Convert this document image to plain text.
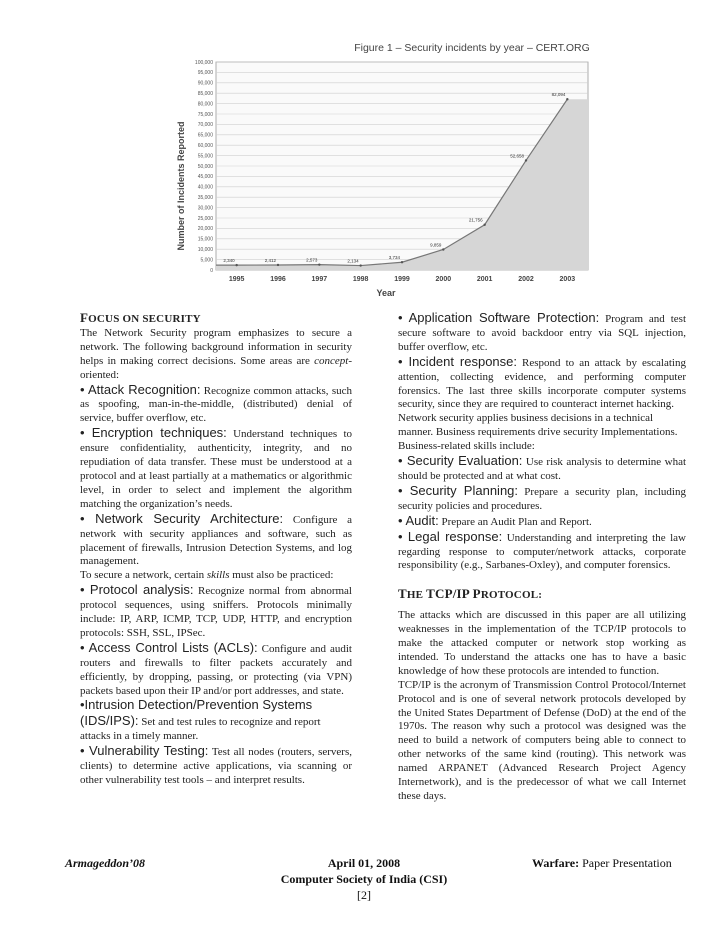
Figure 1 – Security incidents by year – CERT.ORG
Number of Incidents Reported
Year
0
5,000
10,000
15,000
20,000
25,000
30,000
35,000
40,000
45,000
50,000
55,000
60,000
65,000
70,000
75,000
80,000
85,000
90,000
95,000
100,000
1995	1996	1997	1998	1999	2000	2001	2002	2003
2,340	2,412	2,573	2,134
3,734
9,859
21,756
52,658
82,094

FOCUS ON SECURITY

The Network Security program emphasizes to secure a network. The following background information in security helps in making correct decisions. Some areas are concept-oriented:

• Attack Recognition: Recognize common attacks, such as spoofing, man-in-the-middle, (distributed) denial of service, buffer overflow, etc.

• Encryption techniques: Understand techniques to ensure confidentiality, authenticity, integrity, and no repudiation of data transfer. These must be understood at a protocol and at least partially at a mathematics or algorithmic level, in order to select and implement the algorithm matching the organization’s needs.

• Network Security Architecture: Configure a network with security appliances and software, such as placement of firewalls, Intrusion Detection Systems, and log management.

To secure a network, certain skills must also be practiced:

• Protocol analysis: Recognize normal from abnormal protocol sequences, using sniffers. Protocols minimally include: IP, ARP, ICMP, TCP, UDP, HTTP, and encryption protocols: SSH, SSL, IPSec.

• Access Control Lists (ACLs): Configure and audit routers and firewalls to filter packets accurately and efficiently, by dropping, passing, or protecting (via VPN) packets based upon their IP and/or port addresses, and state.

•Intrusion Detection/Prevention Systems (IDS/IPS): Set and test rules to recognize and report attacks in a timely manner.

• Vulnerability Testing: Test all nodes (routers, servers, clients) to determine active applications, via scanning or other vulnerability test tools – and interpret results.

• Application Software Protection: Program and test secure software to avoid backdoor entry via SQL injection, buffer overflow, etc.

• Incident response: Respond to an attack by escalating attention, collecting evidence, and performing computer forensics. The last three skills incorporate computer systems security, since they are required to counteract internet hacking.

Network security applies business decisions in a technical manner. Business requirements drive security Implementations. Business-related skills include:

• Security Evaluation: Use risk analysis to determine what should be protected and at what cost.

• Security Planning: Prepare a security plan, including security policies and procedures.

• Audit: Prepare an Audit Plan and Report.

• Legal response: Understanding and interpreting the law regarding response to computer/network attacks, corporate responsibility (e.g., Sarbanes-Oxley), and computer forensics.

THE TCP/IP PROTOCOL:

The attacks which are discussed in this paper are all utilizing weaknesses in the implementation of the TCP/IP protocols to make the attacked computer or network stop working as intended. To understand the attacks one has to have a basic knowledge of how these protocols are intended to function.

TCP/IP is the acronym of Transmission Control Protocol/Internet Protocol and is one of several network protocols developed by the United States Department of Defense (DoD) at the end of the 1970s. The reason why such a protocol was designed was the need to build a network of computers being able to connect to other networks of the same kind (routing). This network was named ARPANET (Advanced Research Project Agency Internetwork), and is the predecessor of what we call Internet these days.

Armageddon’08	April 01, 2008
Computer Society of India (CSI)
[2]
Warfare: Paper Presentation
